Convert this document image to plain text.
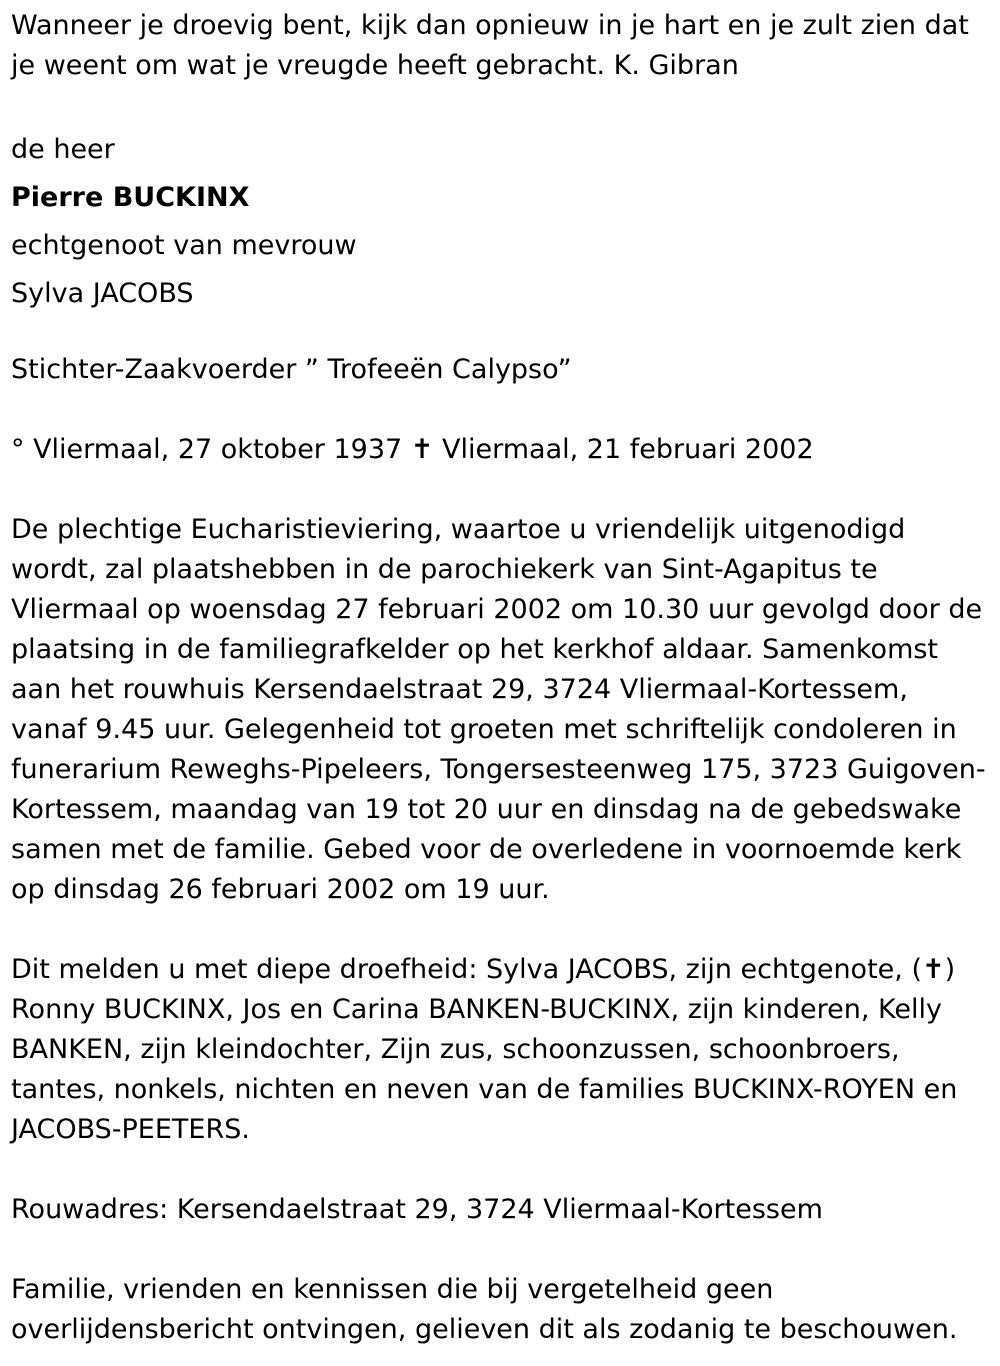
Wanneer je droevig bent, kijk dan opnieuw in je hart en je zult zien dat je weent om wat je vreugde heeft gebracht. K. Gibran

de heer
Pierre BUCKINX
echtgenoot van mevrouw
Sylva JACOBS

Stichter-Zaakvoerder ” Trofeeën Calypso”

° Vliermaal, 27 oktober 1937 ✝ Vliermaal, 21 februari 2002

De plechtige Eucharistieviering, waartoe u vriendelijk uitgenodigd wordt, zal plaatshebben in de parochiekerk van Sint-Agapitus te Vliermaal op woensdag 27 februari 2002 om 10.30 uur gevolgd door de plaatsing in de familiegrafkelder op het kerkhof aldaar. Samenkomst aan het rouwhuis Kersendaelstraat 29, 3724 Vliermaal-Kortessem, vanaf 9.45 uur. Gelegenheid tot groeten met schriftelijk condoleren in funerarium Reweghs-Pipeleers, Tongersesteenweg 175, 3723 Guigoven-Kortessem, maandag van 19 tot 20 uur en dinsdag na de gebedswake samen met de familie. Gebed voor de overledene in voornoemde kerk op dinsdag 26 februari 2002 om 19 uur.

Dit melden u met diepe droefheid: Sylva JACOBS, zijn echtgenote, (✝) Ronny BUCKINX, Jos en Carina BANKEN-BUCKINX, zijn kinderen, Kelly BANKEN, zijn kleindochter, Zijn zus, schoonzussen, schoonbroers, tantes, nonkels, nichten en neven van de families BUCKINX-ROYEN en JACOBS-PEETERS.

Rouwadres: Kersendaelstraat 29, 3724 Vliermaal-Kortessem

Familie, vrienden en kennissen die bij vergetelheid geen overlijdensbericht ontvingen, gelieven dit als zodanig te beschouwen.
